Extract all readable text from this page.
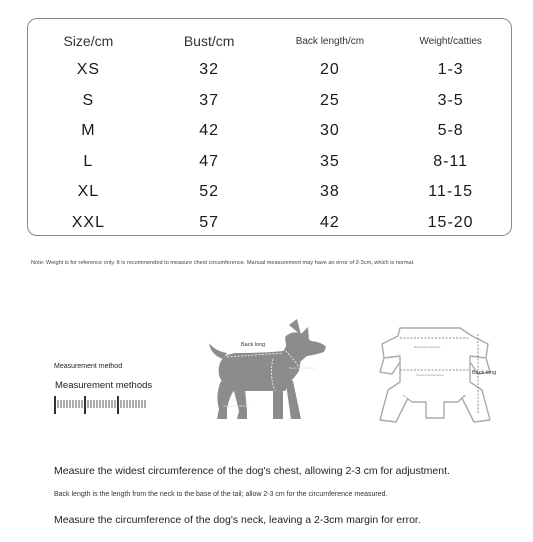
Size/cm	Bust/cm	Back length/cm	Weight/catties
XS	32	20	1-3
S	37	25	3-5
M	42	30	5-8
L	47	35	8-11
XL	52	38	11-15
XXL	57	42	15-20
Note: Weight is for reference only. It is recommended to measure chest circumference. Manual measurement may have an error of 2-3cm, which is normal.
Measurement method
Measurement methods
Back long
Neck circumference
chest circumference
Neck circumference
Chest circumference	Back long
Measure the widest circumference of the dog's chest, allowing 2-3 cm for adjustment.
Back length is the length from the neck to the base of the tail; allow 2-3 cm for the circumference measured.
Measure the circumference of the dog's neck, leaving a 2-3cm margin for error.
